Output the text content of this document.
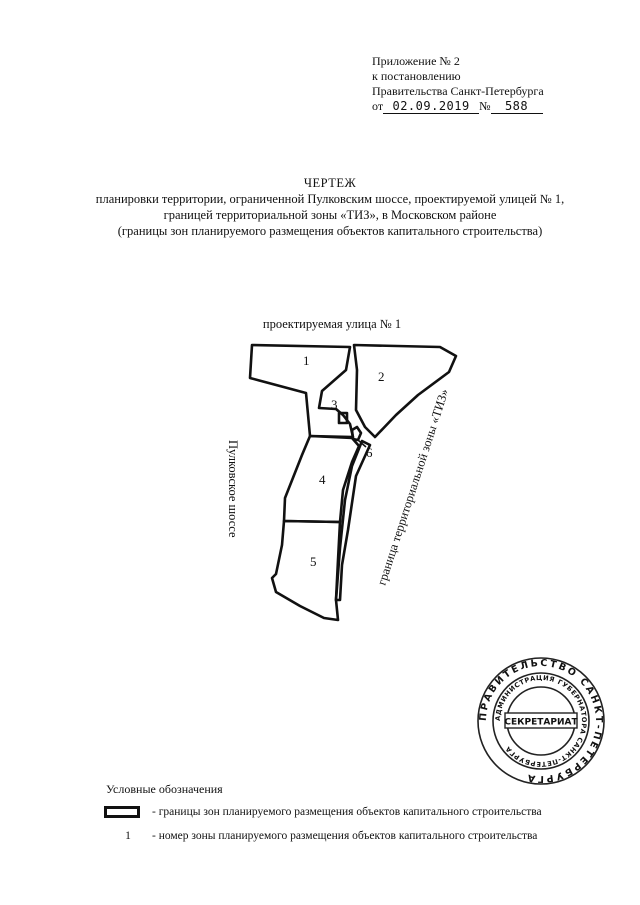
Приложение № 2
к постановлению
Правительства Санкт-Петербурга
от 02.09.2019 № 588
ЧЕРТЕЖ
планировки территории, ограниченной Пулковским шоссе, проектируемой улицей № 1,
границей территориальной зоны «ТИЗ», в Московском районе
(границы зон планируемого размещения объектов капитального строительства)
проектируемая улица № 1
Пулковское шоссе	граница территориальной зоны «ТИЗ»
1
2
3
4
5
6
ПРАВИТЕЛЬСТВО САНКТ-ПЕТЕРБУРГА
АДМИНИСТРАЦИЯ ГУБЕРНАТОРА САНКТ-ПЕТЕРБУРГА
СЕКРЕТАРИАТ
Условные обозначения
- границы зон планируемого размещения объектов капитального строительства
1 - номер зоны планируемого размещения объектов капитального строительства
